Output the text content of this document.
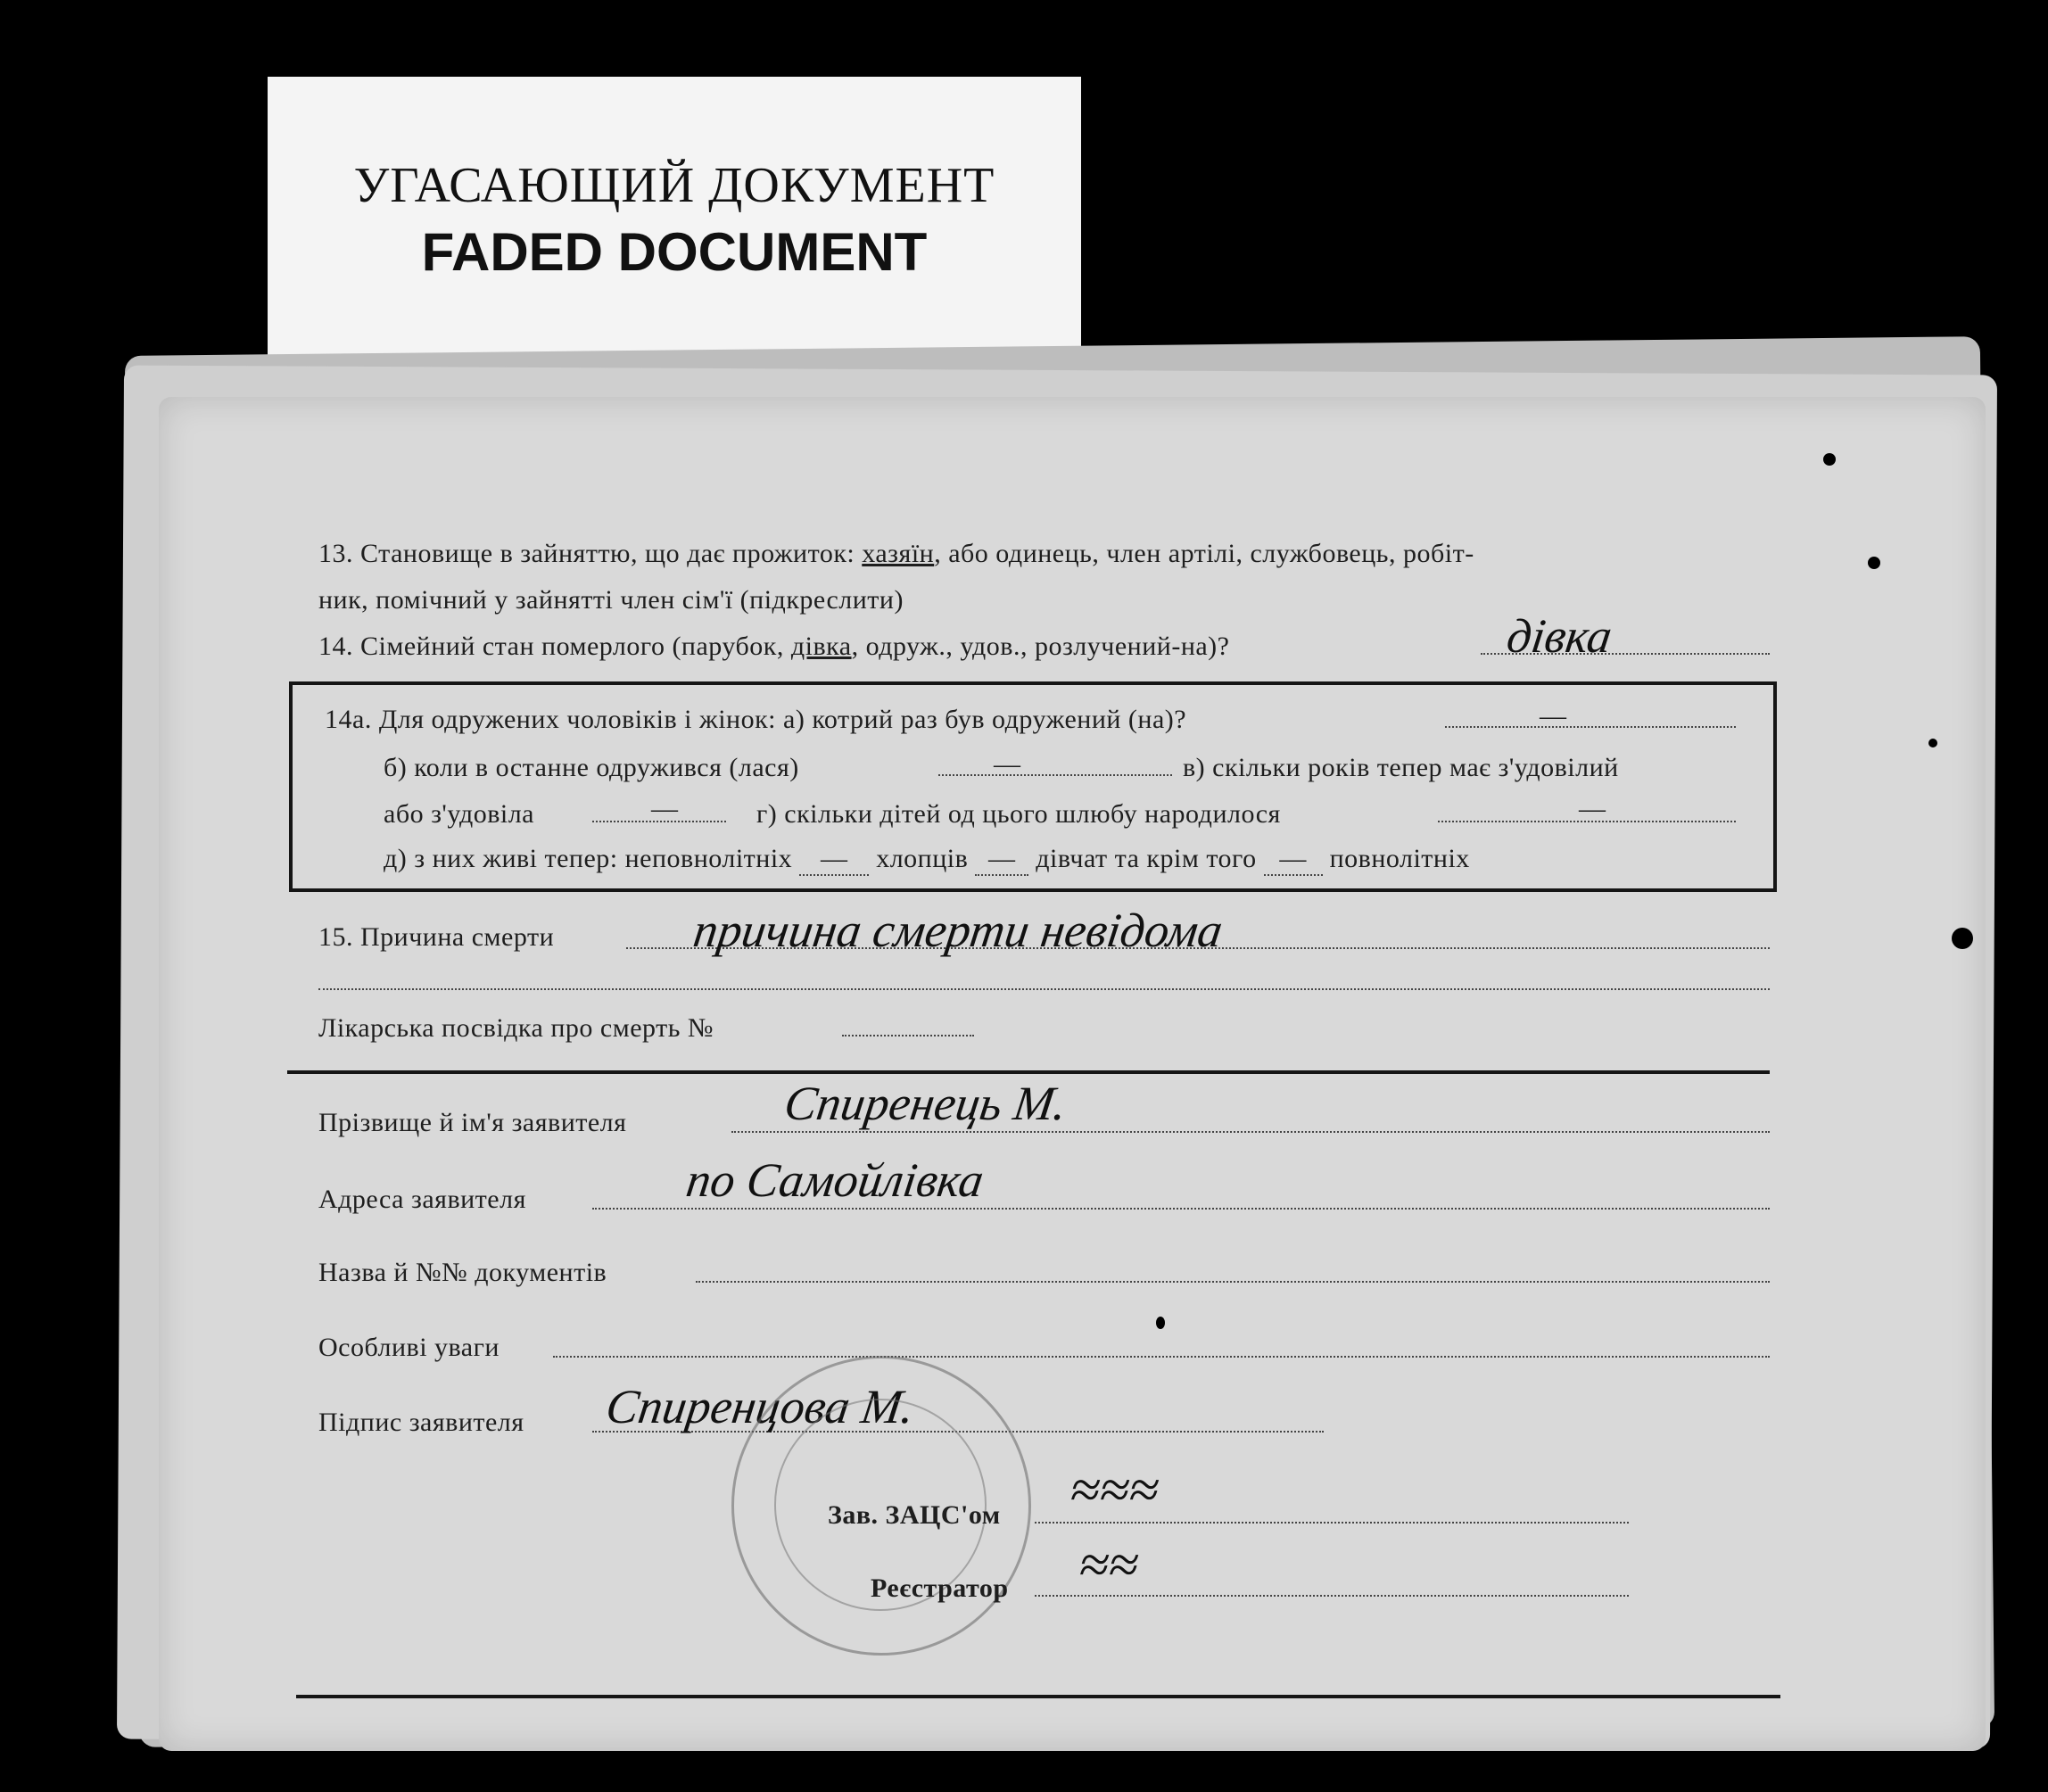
УГАСАЮЩИЙ ДОКУМЕНТ
FADED DOCUMENT
13. Становище в зайняттю, що дає прожиток: хазяїн, або одинець, член артілі, службовець, робіт-
ник, помічний у зайнятті член сім'ї (підкреслити)
14. Сімейний стан померлого (парубок, дівка, одруж., удов., розлучений-на)?	дівка
14а. Для одружених чоловіків і жінок: а) котрий раз був одружений (на)?	—
б) коли в останне одружився (лася)	—	в) скільки років тепер має з'удовілий
або з'удовіла	—	г) скільки дітей од цього шлюбу народилося	—
д) з них живі тепер: неповнолітніх — хлопців — дівчат та крім того — повнолітніх
15. Причина смерти	причина смерти невідома
Лікарська посвідка про смерть №
Прізвище й ім'я заявителя	Спиренець М.
Адреса заявителя	по Самойлівка
Назва й №№ документів
Особливі уваги
Підпис заявителя Спиренцова М.
Зав. ЗАЦС'ом ≈≈≈
Реєстратор ≈≈
